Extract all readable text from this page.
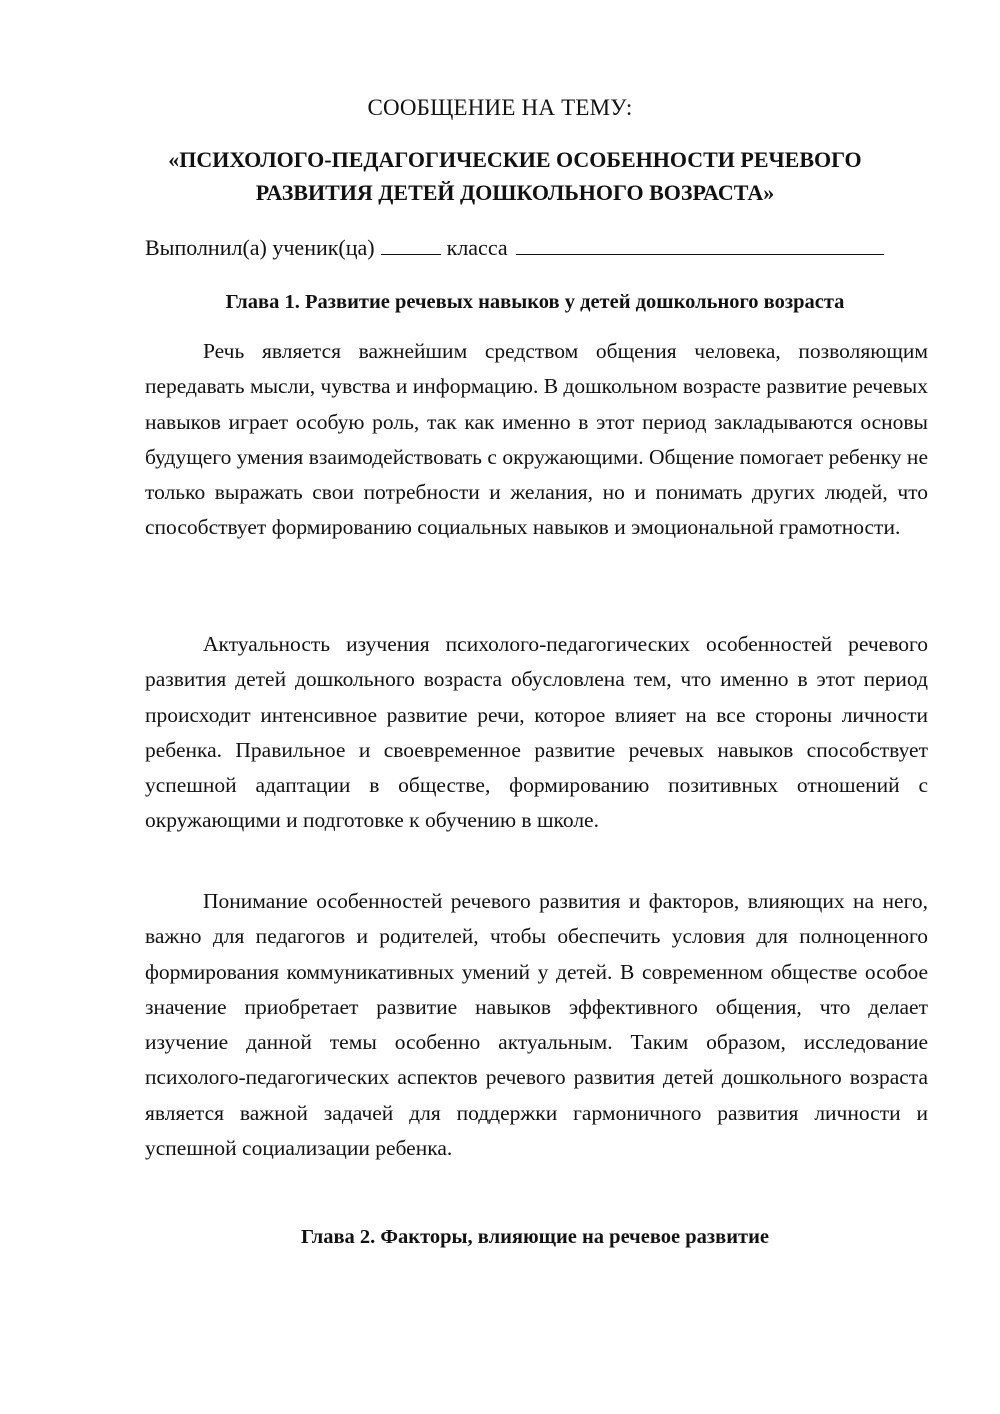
СООБЩЕНИЕ НА ТЕМУ:
«ПСИХОЛОГО-ПЕДАГОГИЧЕСКИЕ ОСОБЕННОСТИ РЕЧЕВОГО
РАЗВИТИЯ ДЕТЕЙ ДОШКОЛЬНОГО ВОЗРАСТА»
Выполнил(а) ученик(ца)	класса
Глава 1. Развитие речевых навыков у детей дошкольного возраста

Речь является важнейшим средством общения человека, позволяющим передавать мысли, чувства и информацию. В дошкольном возрасте развитие речевых навыков играет особую роль, так как именно в этот период закладываются основы будущего умения взаимодействовать с окружающими. Общение помогает ребенку не только выражать свои потребности и желания, но и понимать других людей, что способствует формированию социальных навыков и эмоциональной грамотности.

Актуальность изучения психолого-педагогических особенностей речевого развития детей дошкольного возраста обусловлена тем, что именно в этот период происходит интенсивное развитие речи, которое влияет на все стороны личности ребенка. Правильное и своевременное развитие речевых навыков способствует успешной адаптации в обществе, формированию позитивных отношений с окружающими и подготовке к обучению в школе.

Понимание особенностей речевого развития и факторов, влияющих на него, важно для педагогов и родителей, чтобы обеспечить условия для полноценного формирования коммуникативных умений у детей. В современном обществе особое значение приобретает развитие навыков эффективного общения, что делает изучение данной темы особенно актуальным. Таким образом, исследование психолого-педагогических аспектов речевого развития детей дошкольного возраста является важной задачей для поддержки гармоничного развития личности и успешной социализации ребенка.

Глава 2. Факторы, влияющие на речевое развитие
